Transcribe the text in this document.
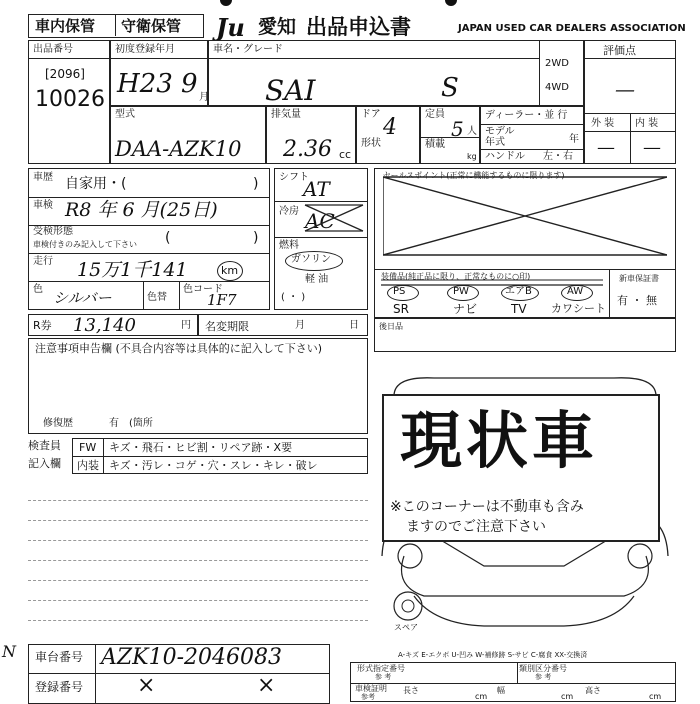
車内保管 守衛保管 Ju 愛知 出品申込書	JAPAN USED CAR DEALERS ASSOCIATION
出品番号
[2096]
10026
初度登録年月
H23 9 月
車名・グレード
SAI	S
2WD
4WD
評価点
—
外 装 内 装
— —
型式
DAA-AZK10
排気量
2.36 cc
ドア
4
形状
定員
5 人
積載
kg
ディーラー・並 行
モデル
年式	年
ハンドル 左・右
車歴 自家用・(	)
車検 R8 年 6 月(25日)
受検形態
車検付きのみ記入して下さい (	)
走行 15万1千141	km
色 シルバー	色替
色コード
1F7
シフト
AT
冷房 AC
燃料
ガソリン
軽 油
( ・ )
セールスポイント(正常に機能するものに限ります)
装備品(純正品に限り、正常なものに○印)	新車保証書
有 ・ 無
PS	PW	エアB	AW
SR	ナビ	TV カワシート
R券 13,140	円 名変期限	月	日	後日品
注意事項申告欄 (不具合内容等は具体的に記入して下さい)
修復歴	有 (箇所
検査員
記入欄
FW キズ・飛石・ヒビ割・リペア跡・X要
内装 キズ・汚レ・コゲ・穴・スレ・キレ・破レ
スペア
A-キズ E-エクボ U-凹み W-補修跡 S-サビ C-腐食 XX-交換済
現状車
※このコーナーは不動車も含み
ますのでご注意下さい
車台番号 AZK10-2046083
登録番号 ×	×
N
形式指定番号
参 考
類別区分番号
参 考
車検証明
参考
長さ
cm
幅
cm
高さ
cm
